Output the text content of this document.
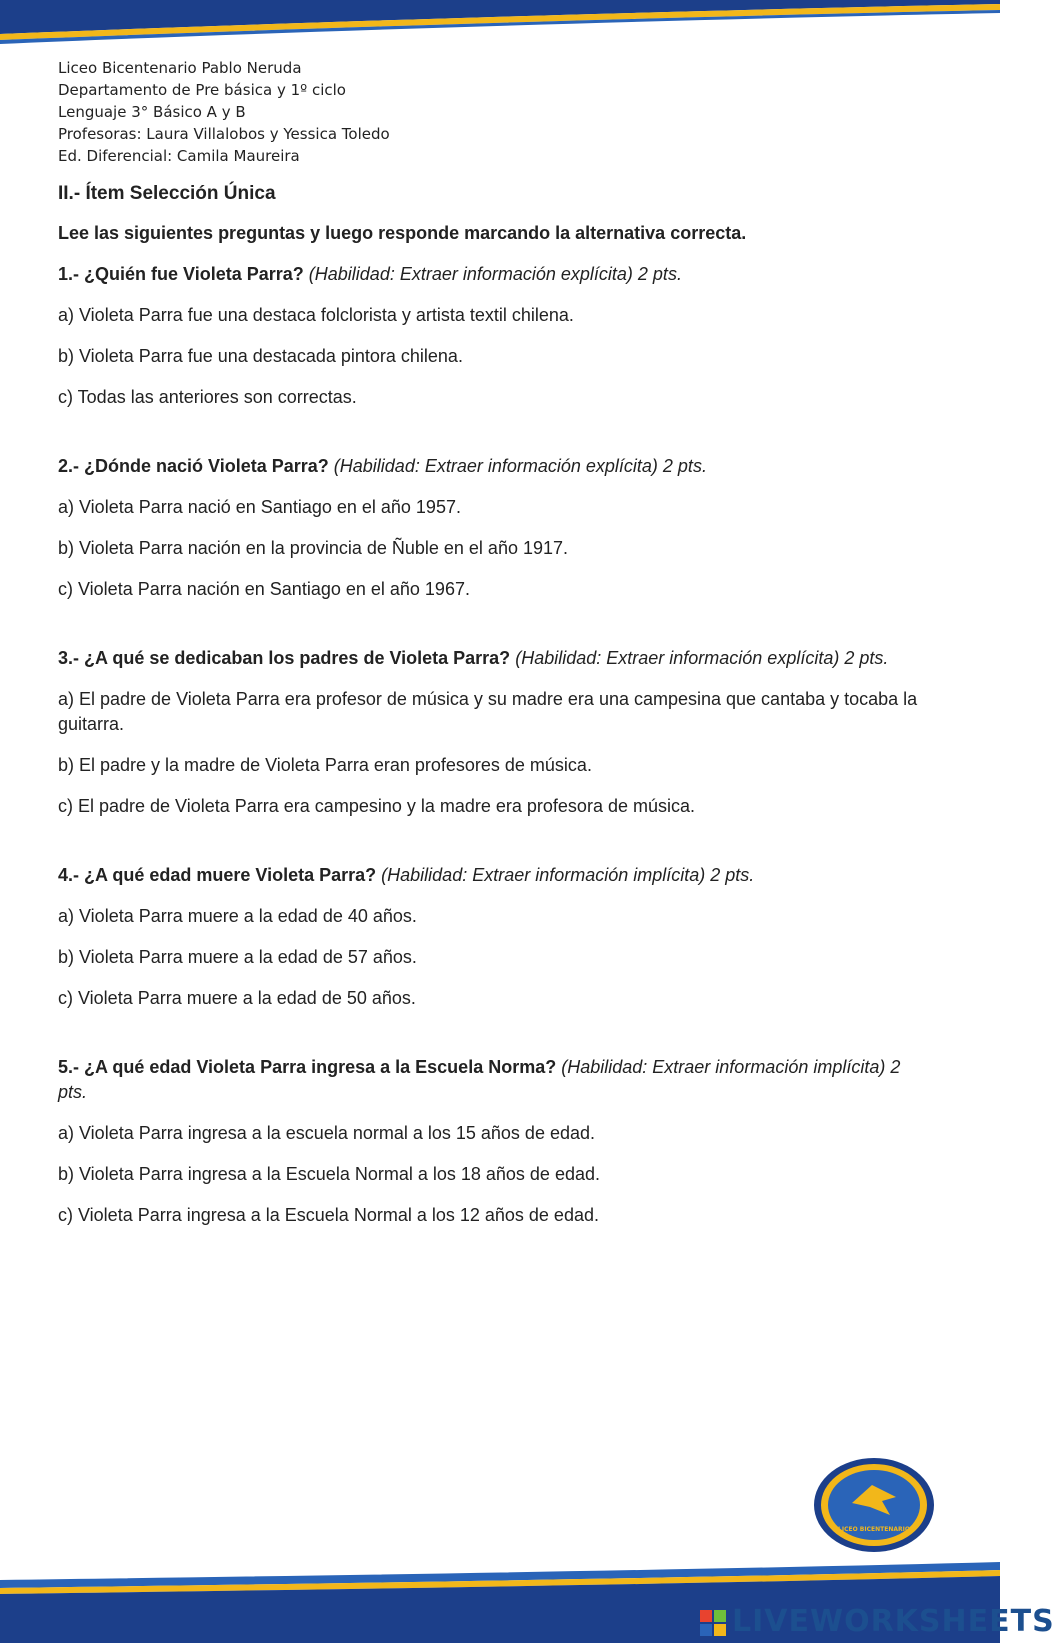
Liceo Bicentenario Pablo Neruda
Departamento de Pre básica y 1º ciclo
Lenguaje 3° Básico A y B
Profesoras: Laura Villalobos y Yessica Toledo
Ed. Diferencial: Camila Maureira
II.- Ítem Selección Única
Lee las siguientes preguntas y luego responde marcando la alternativa correcta.
1.- ¿Quién fue Violeta Parra? (Habilidad: Extraer información explícita) 2 pts.
a) Violeta Parra fue una destaca folclorista y artista textil chilena.
b) Violeta Parra fue una destacada pintora chilena.
c) Todas las anteriores son correctas.
2.- ¿Dónde nació Violeta Parra? (Habilidad: Extraer información explícita) 2 pts.
a) Violeta Parra nació en Santiago en el año 1957.
b) Violeta Parra nación en la provincia de Ñuble en el año 1917.
c) Violeta Parra nación en Santiago en el año 1967.
3.- ¿A qué se dedicaban los padres de Violeta Parra? (Habilidad: Extraer información explícita) 2 pts.
a) El padre de Violeta Parra era profesor de música y su madre era una campesina que cantaba y tocaba la guitarra.
b) El padre y la madre de Violeta Parra eran profesores de música.
c) El padre de Violeta Parra era campesino y la madre era profesora de música.
4.- ¿A qué edad muere Violeta Parra? (Habilidad: Extraer información implícita) 2 pts.
a) Violeta Parra muere a la edad de 40 años.
b) Violeta Parra muere a la edad de 57 años.
c) Violeta Parra muere a la edad de 50 años.
5.- ¿A qué edad Violeta Parra ingresa a la Escuela Norma? (Habilidad: Extraer información implícita) 2 pts.
a) Violeta Parra ingresa a la escuela normal a los 15 años de edad.
b) Violeta Parra ingresa a la Escuela Normal a los 18 años de edad.
c) Violeta Parra ingresa a la Escuela Normal a los 12 años de edad.
LICEO BICENTENARIO
LIVEWORKSHEETS
